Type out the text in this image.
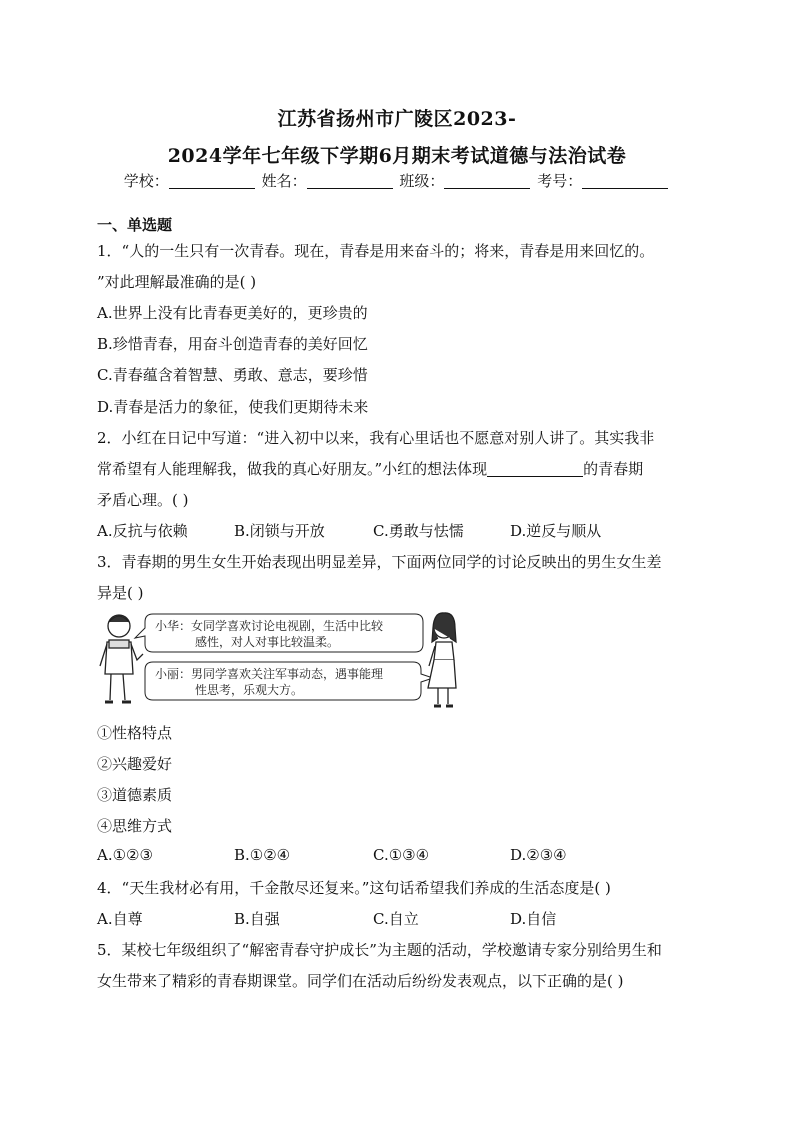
江苏省扬州市广陵区2023-
2024学年七年级下学期6月期末考试道德与法治试卷
学校：	姓名：	班级：	考号：
一、单选题
1．“人的一生只有一次青春。现在，青春是用来奋斗的；将来，青春是用来回忆的。
”对此理解最准确的是( )
A.世界上没有比青春更美好的，更珍贵的
B.珍惜青春，用奋斗创造青春的美好回忆
C.青春蕴含着智慧、勇敢、意志，要珍惜
D.青春是活力的象征，使我们更期待未来
2．小红在日记中写道：“进入初中以来，我有心里话也不愿意对别人讲了。其实我非
常希望有人能理解我，做我的真心好朋友。”小红的想法体现	的青春期
矛盾心理。( )
A.反抗与依赖	B.闭锁与开放	C.勇敢与怯懦	D.逆反与顺从
3．青春期的男生女生开始表现出明显差异，下面两位同学的讨论反映出的男生女生差
异是( )
小华：女同学喜欢讨论电视剧，生活中比较
感性，对人对事比较温柔。
小丽：男同学喜欢关注军事动态，遇事能理
性思考，乐观大方。
①性格特点
②兴趣爱好
③道德素质
④思维方式
A.①②③	B.①②④	C.①③④	D.②③④
4．“天生我材必有用，千金散尽还复来。”这句话希望我们养成的生活态度是( )
A.自尊	B.自强	C.自立	D.自信
5．某校七年级组织了“解密青春守护成长”为主题的活动，学校邀请专家分别给男生和
女生带来了精彩的青春期课堂。同学们在活动后纷纷发表观点，以下正确的是( )
